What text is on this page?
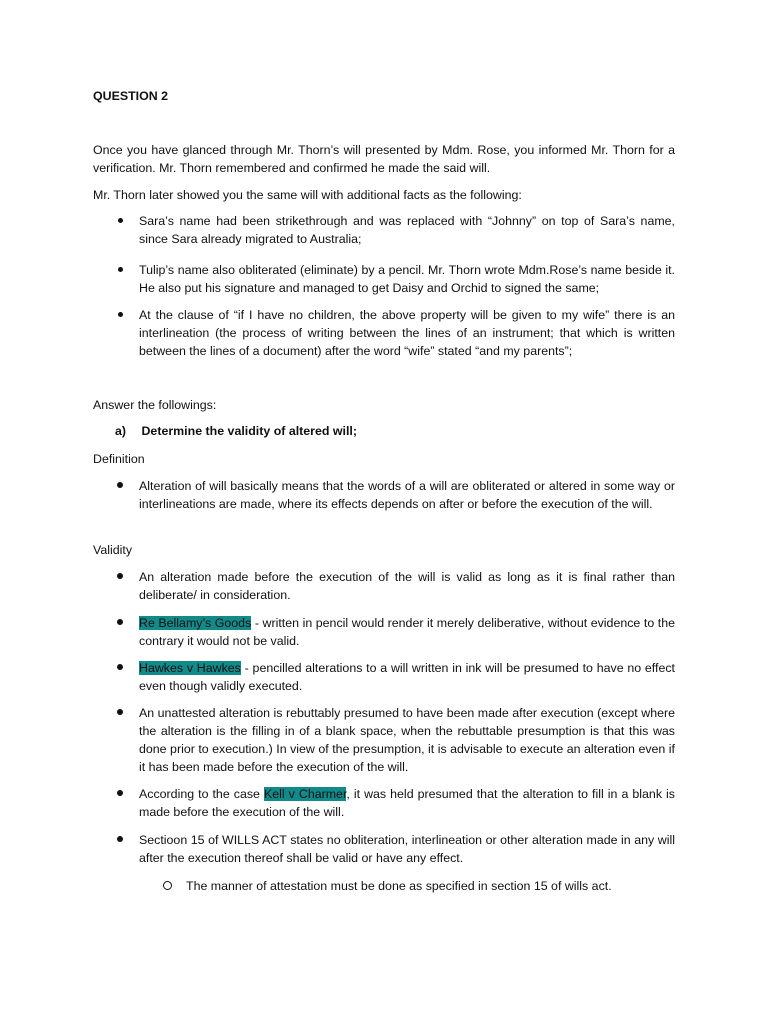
QUESTION 2
Once you have glanced through Mr. Thorn’s will presented by Mdm. Rose, you informed Mr. Thorn for a verification. Mr. Thorn remembered and confirmed he made the said will.
Mr. Thorn later showed you the same will with additional facts as the following:
Sara’s name had been strikethrough and was replaced with “Johnny” on top of Sara’s name, since Sara already migrated to Australia;
Tulip’s name also obliterated (eliminate) by a pencil. Mr. Thorn wrote Mdm.Rose’s name beside it. He also put his signature and managed to get Daisy and Orchid to signed the same;
At the clause of “if I have no children, the above property will be given to my wife” there is an interlineation (the process of writing between the lines of an instrument; that which is written between the lines of a document) after the word “wife” stated “and my parents”;
Answer the followings:
a) Determine the validity of altered will;
Definition
Alteration of will basically means that the words of a will are obliterated or altered in some way or interlineations are made, where its effects depends on after or before the execution of the will.
Validity
An alteration made before the execution of the will is valid as long as it is final rather than deliberate/ in consideration.
Re Bellamy’s Goods - written in pencil would render it merely deliberative, without evidence to the contrary it would not be valid.
Hawkes v Hawkes - pencilled alterations to a will written in ink will be presumed to have no effect even though validly executed.
An unattested alteration is rebuttably presumed to have been made after execution (except where the alteration is the filling in of a blank space, when the rebuttable presumption is that this was done prior to execution.) In view of the presumption, it is advisable to execute an alteration even if it has been made before the execution of the will.
According to the case Kell v Charmer, it was held presumed that the alteration to fill in a blank is made before the execution of the will.
Sectioon 15 of WILLS ACT states no obliteration, interlineation or other alteration made in any will after the execution thereof shall be valid or have any effect.
The manner of attestation must be done as specified in section 15 of wills act.
